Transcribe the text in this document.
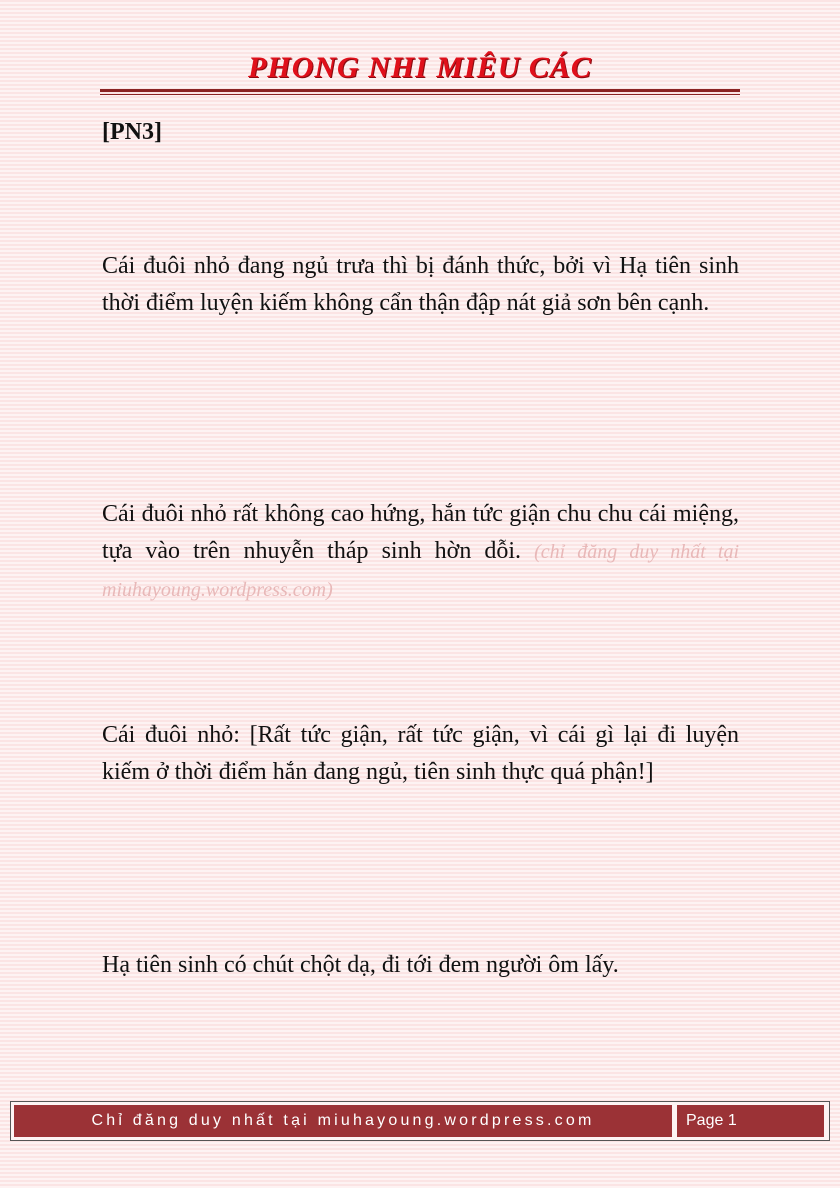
PHONG NHI MIÊU CÁC
[PN3]

Cái đuôi nhỏ đang ngủ trưa thì bị đánh thức, bởi vì Hạ tiên sinh thời điểm luyện kiếm không cẩn thận đập nát giả sơn bên cạnh.

Cái đuôi nhỏ rất không cao hứng, hắn tức giận chu chu cái miệng, tựa vào trên nhuyễn tháp sinh hờn dỗi. (chỉ đăng duy nhất tại miuhayoung.wordpress.com)

Cái đuôi nhỏ: [Rất tức giận, rất tức giận, vì cái gì lại đi luyện kiếm ở thời điểm hắn đang ngủ, tiên sinh thực quá phận!]

Hạ tiên sinh có chút chột dạ, đi tới đem người ôm lấy.

Chỉ đăng duy nhất tại miuhayoung.wordpress.com	Page 1
